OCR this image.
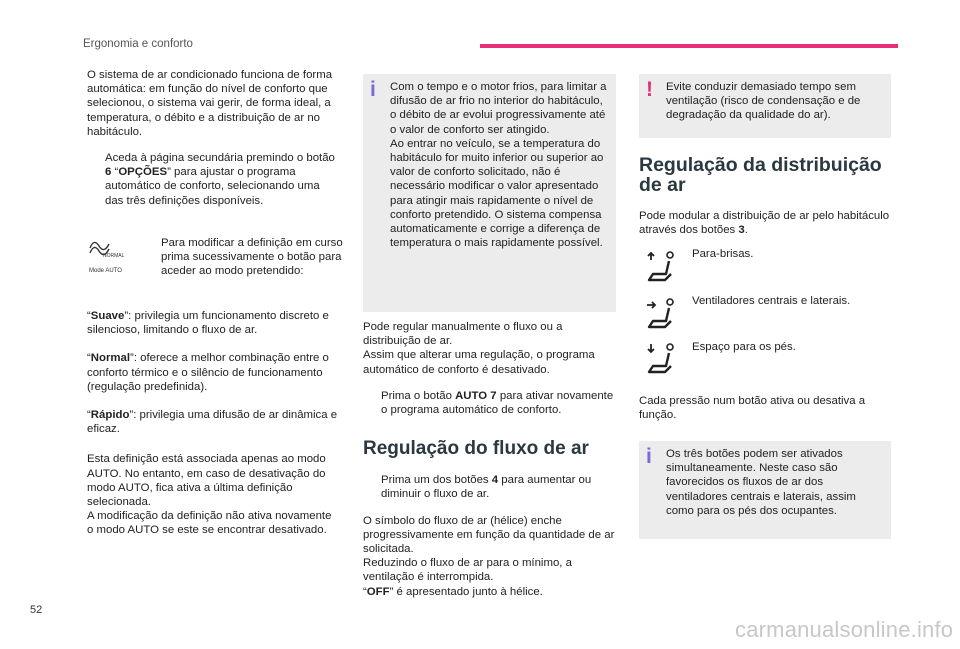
Ergonomia e conforto

O sistema de ar condicionado funciona de forma automática: em função do nível de conforto que selecionou, o sistema vai gerir, de forma ideal, a temperatura, o débito e a distribuição de ar no habitáculo.

Aceda à página secundária premindo o botão 6 “OPÇÕES” para ajustar o programa automático de conforto, selecionando uma das três definições disponíveis.
NORMAL
Mode AUTO
Para modificar a definição em curso prima sucessivamente o botão para aceder ao modo pretendido:

“Suave”: privilegia um funcionamento discreto e silencioso, limitando o fluxo de ar.

“Normal”: oferece a melhor combinação entre o conforto térmico e o silêncio de funcionamento (regulação predefinida).

“Rápido”: privilegia uma difusão de ar dinâmica e eficaz.

Esta definição está associada apenas ao modo AUTO. No entanto, em caso de desativação do modo AUTO, fica ativa a última definição selecionada.
A modificação da definição não ativa novamente o modo AUTO se este se encontrar desativado.

i Com o tempo e o motor frios, para limitar a difusão de ar frio no interior do habitáculo, o débito de ar evolui progressivamente até o valor de conforto ser atingido.
Ao entrar no veículo, se a temperatura do habitáculo for muito inferior ou superior ao valor de conforto solicitado, não é necessário modificar o valor apresentado para atingir mais rapidamente o nível de conforto pretendido. O sistema compensa automaticamente e corrige a diferença de temperatura o mais rapidamente possível.

Pode regular manualmente o fluxo ou a distribuição de ar.
Assim que alterar uma regulação, o programa automático de conforto é desativado.

Prima o botão AUTO 7 para ativar novamente o programa automático de conforto.
Regulação do fluxo de ar
Prima um dos botões 4 para aumentar ou diminuir o fluxo de ar.

O símbolo do fluxo de ar (hélice) enche progressivamente em função da quantidade de ar solicitada.
Reduzindo o fluxo de ar para o mínimo, a ventilação é interrompida.
“OFF” é apresentado junto à hélice.

! Evite conduzir demasiado tempo sem ventilação (risco de condensação e de degradação da qualidade do ar).
Regulação da distribuição de ar

Pode modular a distribuição de ar pelo habitáculo através dos botões 3.

Para-brisas.
Ventiladores centrais e laterais.
Espaço para os pés.
Cada pressão num botão ativa ou desativa a função.
i Os três botões podem ser ativados simultaneamente. Neste caso são favorecidos os fluxos de ar dos ventiladores centrais e laterais, assim como para os pés dos ocupantes.
52
carmanualsonline.info
